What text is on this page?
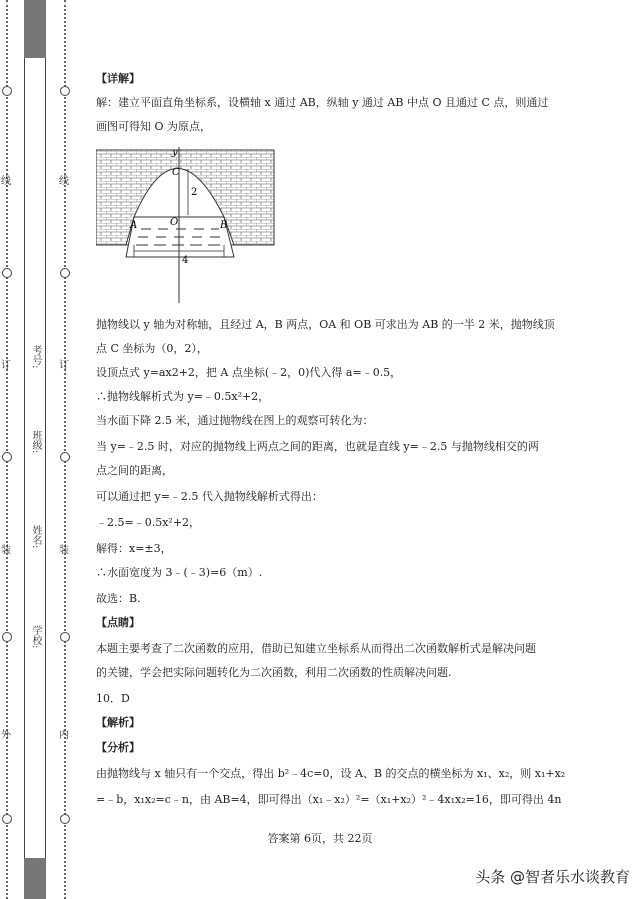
线
订
装
外
线
订
装
内
考号:
班级:
姓名:
学校:
【详解】
解：建立平面直角坐标系，设横轴 x 通过 AB，纵轴 y 通过 AB 中点 O 且通过 C 点，则通过
画图可得知 O 为原点，
y
C
2
O
A	B
4
抛物线以 y 轴为对称轴，且经过 A，B 两点，OA 和 OB 可求出为 AB 的一半 2 米，抛物线顶
点 C 坐标为（0，2），
设顶点式 y=ax2+2，把 A 点坐标(﹣2，0)代入得 a=﹣0.5，
∴抛物线解析式为 y=﹣0.5x²+2，
当水面下降 2.5 米，通过抛物线在图上的观察可转化为：
当 y=﹣2.5 时，对应的抛物线上两点之间的距离，也就是直线 y=﹣2.5 与抛物线相交的两
点之间的距离，
可以通过把 y=﹣2.5 代入抛物线解析式得出：
﹣2.5=﹣0.5x²+2，
解得：x=±3，
∴水面宽度为 3﹣(﹣3)=6（m）.
故选：B.
【点睛】
本题主要考查了二次函数的应用，借助已知建立坐标系从而得出二次函数解析式是解决问题
的关键，学会把实际问题转化为二次函数，利用二次函数的性质解决问题.
10．D
【解析】
【分析】
由抛物线与 x 轴只有一个交点，得出 b²﹣4c=0，设 A、B 的交点的横坐标为 x₁、x₂，则 x₁+x₂
=﹣b，x₁x₂=c﹣n，由 AB=4，即可得出（x₁﹣x₂）²=（x₁+x₂）²﹣4x₁x₂=16，即可得出 4n
答案第 6页，共 22页
头条 @智者乐水谈教育
